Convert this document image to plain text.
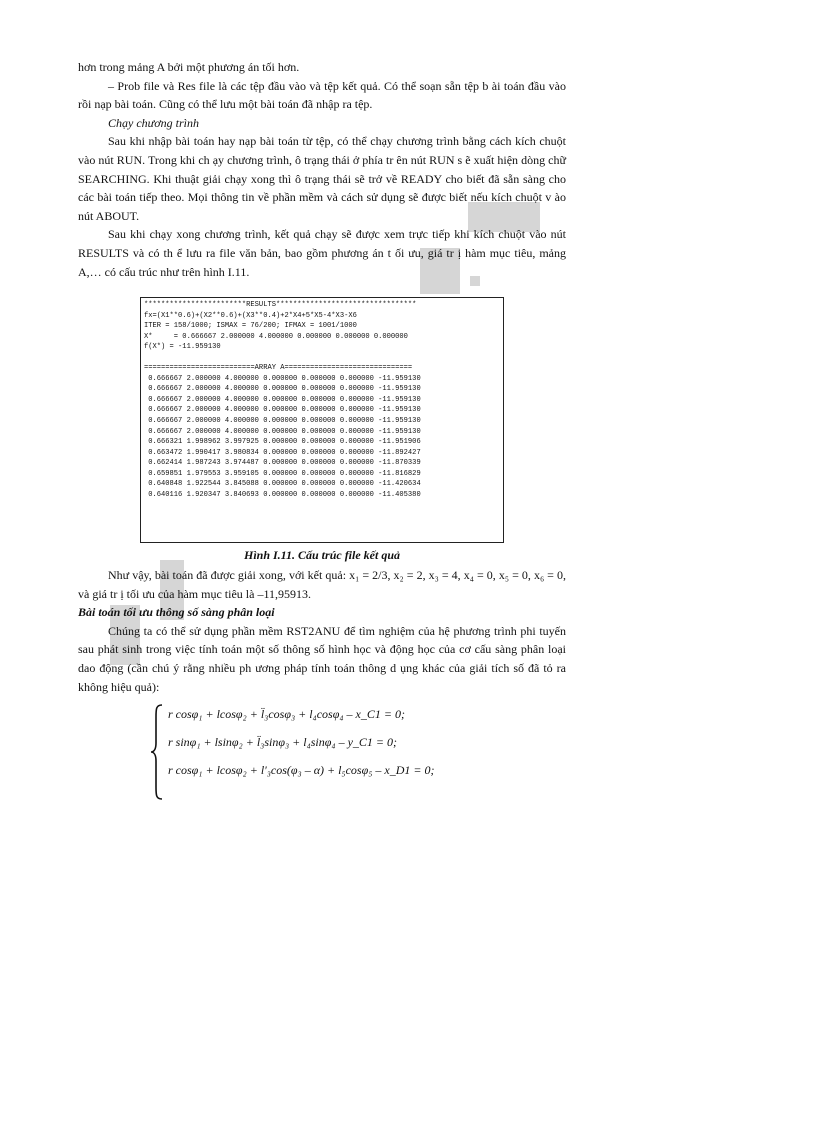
hơn trong mảng A bởi một phương án tối hơn.

– Prob file và Res file là các tệp đầu vào và tệp kết quả. Có thể soạn sẵn tệp b ài toán đầu vào rồi nạp bài toán. Cũng có thể lưu một bài toán đã nhập ra tệp.

Chạy chương trình

Sau khi nhập bài toán hay nạp bài toán từ tệp, có thể chạy chương trình bằng cách kích chuột vào nút RUN. Trong khi ch ạy chương trình, ô trạng thái ở phía tr ên nút RUN s ẽ xuất hiện dòng chữ SEARCHING. Khi thuật giải chạy xong thì ô trạng thái sẽ trở về READY cho biết đã sẵn sàng cho các bài toán tiếp theo. Mọi thông tin về phần mềm và cách sử dụng sẽ được biết nếu kích chuột v ào nút ABOUT.

Sau khi chạy xong chương trình, kết quả chạy sẽ được xem trực tiếp khi kích chuột vào nút RESULTS và có th ể lưu ra file văn bản, bao gồm phương án t ối ưu, giá tr ị hàm mục tiêu, mảng A,… có cấu trúc như trên hình I.11.

************************RESULTS*********************************
fx=(X1**0.6)+(X2**0.6)+(X3**0.4)+2*X4+5*X5-4*X3-X6
ITER = 158/1000; ISMAX = 76/200; IFMAX = 1001/1000
X*     = 0.666667 2.000000 4.000000 0.000000 0.000000 0.000000
f(X*) = -11.959130

==========================ARRAY A==============================
0.666667 2.000000 4.000000 0.000000 0.000000 0.000000 -11.959130
0.666667 2.000000 4.000000 0.000000 0.000000 0.000000 -11.959130
0.666667 2.000000 4.000000 0.000000 0.000000 0.000000 -11.959130
0.666667 2.000000 4.000000 0.000000 0.000000 0.000000 -11.959130
0.666667 2.000000 4.000000 0.000000 0.000000 0.000000 -11.959130
0.666667 2.000000 4.000000 0.000000 0.000000 0.000000 -11.959130
0.666321 1.998962 3.997925 0.000000 0.000000 0.000000 -11.951906
0.663472 1.990417 3.980834 0.000000 0.000000 0.000000 -11.892427
0.662414 1.987243 3.974487 0.000000 0.000000 0.000000 -11.870339
0.659851 1.979553 3.959105 0.000000 0.000000 0.000000 -11.816829
0.640848 1.922544 3.845088 0.000000 0.000000 0.000000 -11.420634
0.640116 1.920347 3.840693 0.000000 0.000000 0.000000 -11.405380
Hình I.11. Cấu trúc file kết quả

Như vậy, bài toán đã được giải xong, với kết quả: x₁ = 2/3, x₂ = 2, x₃ = 4, x₄ = 0, x₅ = 0, x₆ = 0, và giá tr ị tối ưu của hàm mục tiêu là –11,95913.

Bài toán tối ưu thông số sàng phân loại

Chúng ta có thể sử dụng phần mềm RST2ANU để tìm nghiệm của hệ phương trình phi tuyến sau phát sinh trong việc tính toán một số thông số hình học và động học của cơ cấu sàng phân loại dao động (cần chú ý rằng nhiều ph ương pháp tính toán thông d ụng khác của giải tích số đã tỏ ra không hiệu quả):

r cosφ₁ + lcosφ₂ + l̈₃cosφ₃ + l₄cosφ₄ – x_C1 = 0;
r sinφ₁ + lsinφ₂ + l̈₃sinφ₃ + l₄sinφ₄ – y_C1 = 0;
r cosφ₁ + lcosφ₂ + l'₃cos(φ₃ – α) + l₅cosφ₅ – x_D1 = 0;
